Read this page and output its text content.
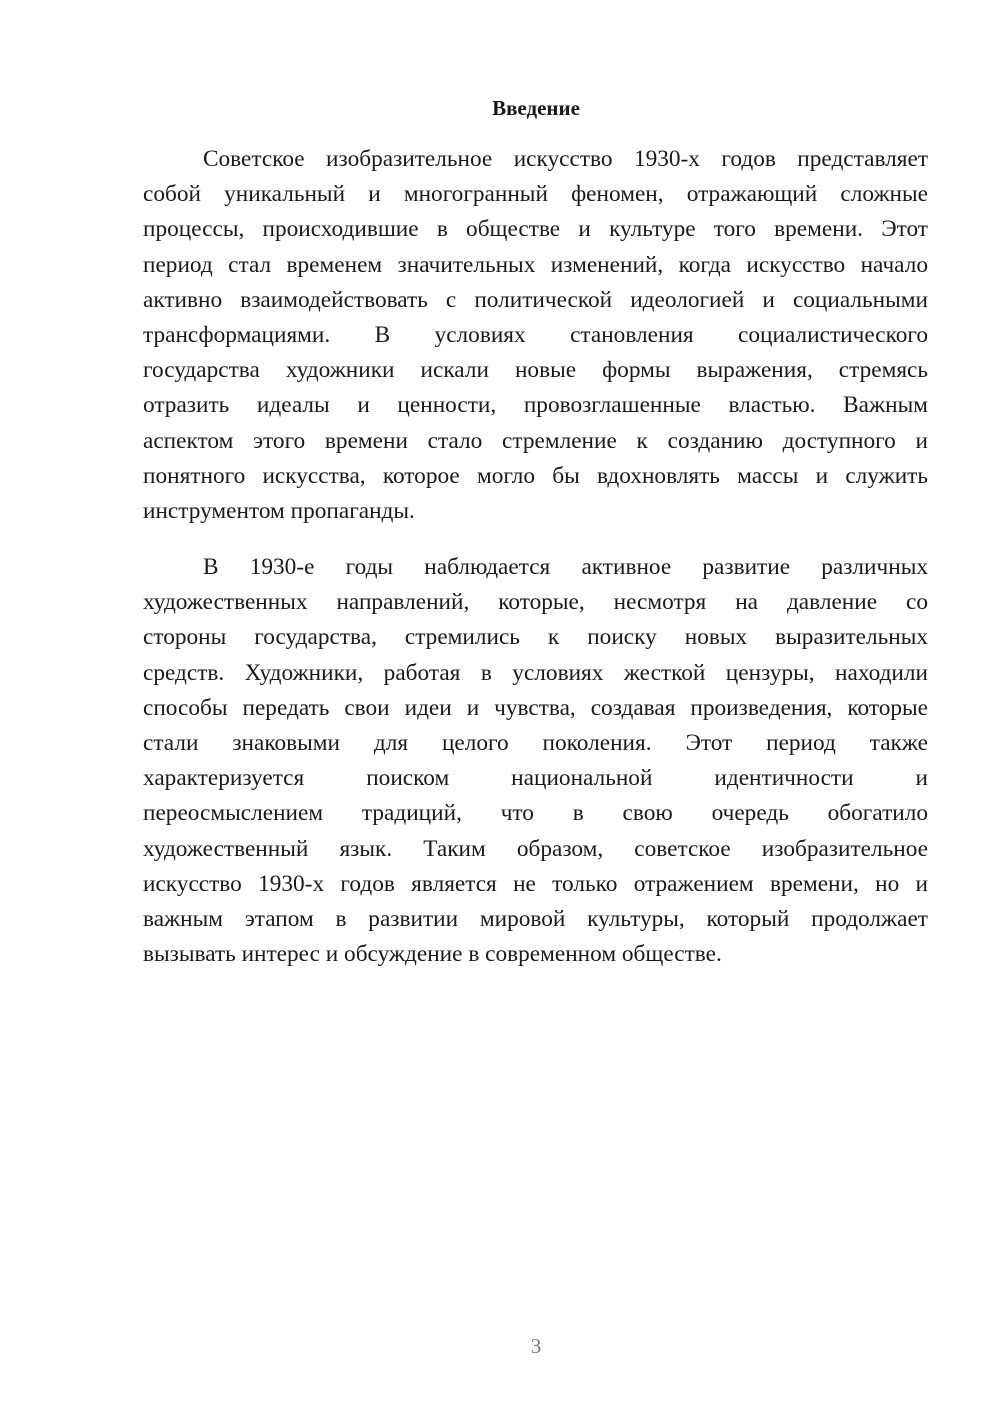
Введение
Советское изобразительное искусство 1930-х годов представляет
собой уникальный и многогранный феномен, отражающий сложные
процессы, происходившие в обществе и культуре того времени. Этот
период стал временем значительных изменений, когда искусство начало
активно взаимодействовать с политической идеологией и социальными
трансформациями. В условиях становления социалистического
государства художники искали новые формы выражения, стремясь
отразить идеалы и ценности, провозглашенные властью. Важным
аспектом этого времени стало стремление к созданию доступного и
понятного искусства, которое могло бы вдохновлять массы и служить
инструментом пропаганды.
В 1930-е годы наблюдается активное развитие различных
художественных направлений, которые, несмотря на давление со
стороны государства, стремились к поиску новых выразительных
средств. Художники, работая в условиях жесткой цензуры, находили
способы передать свои идеи и чувства, создавая произведения, которые
стали знаковыми для целого поколения. Этот период также
характеризуется поиском национальной идентичности и
переосмыслением традиций, что в свою очередь обогатило
художественный язык. Таким образом, советское изобразительное
искусство 1930-х годов является не только отражением времени, но и
важным этапом в развитии мировой культуры, который продолжает
вызывать интерес и обсуждение в современном обществе.
3
